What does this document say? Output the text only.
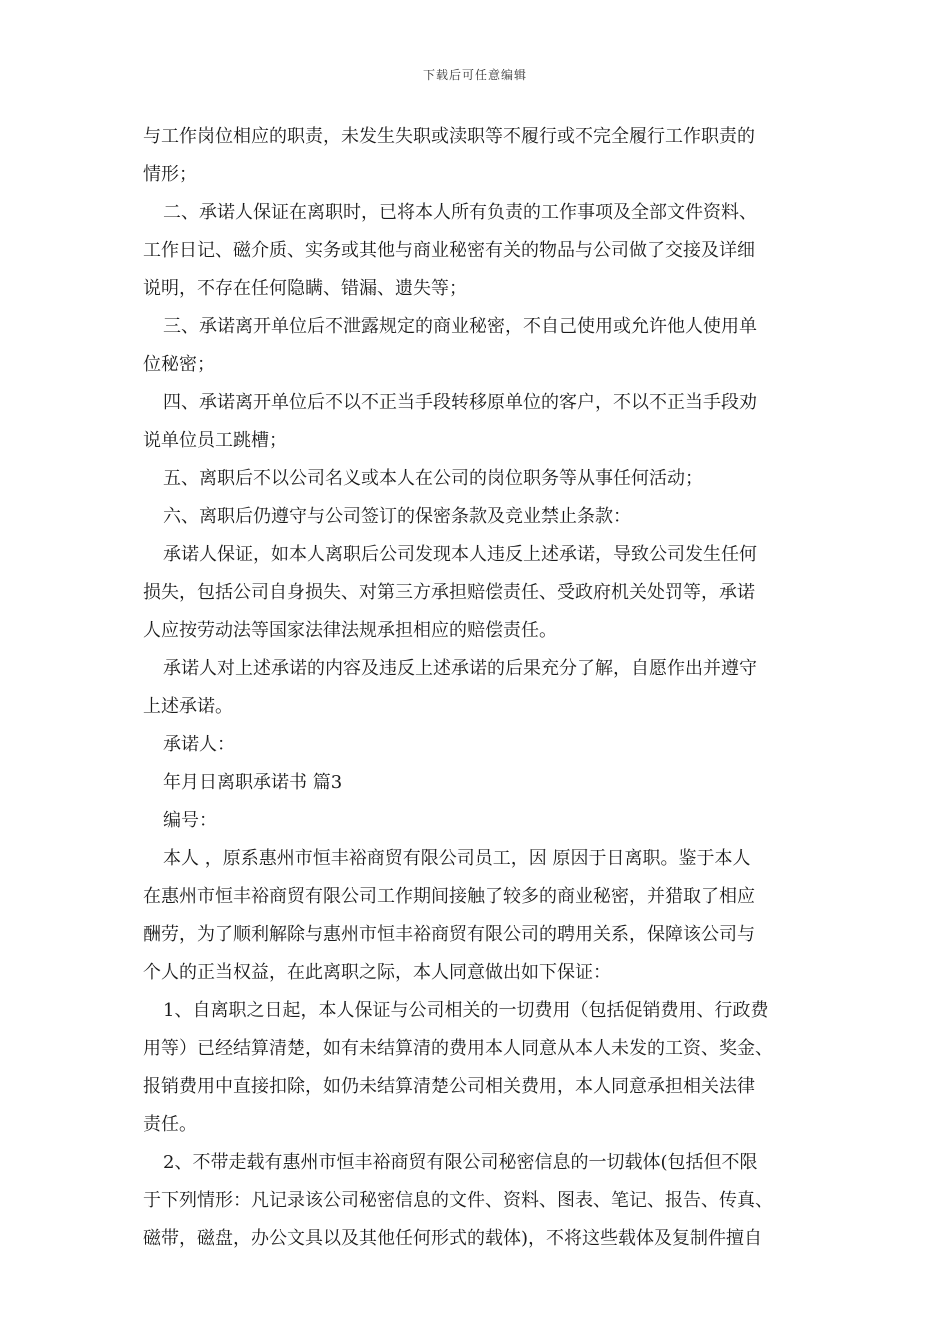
下载后可任意编辑
与工作岗位相应的职责，未发生失职或渎职等不履行或不完全履行工作职责的
情形；
二、承诺人保证在离职时，已将本人所有负责的工作事项及全部文件资料、
工作日记、磁介质、实务或其他与商业秘密有关的物品与公司做了交接及详细
说明，不存在任何隐瞒、错漏、遗失等；
三、承诺离开单位后不泄露规定的商业秘密，不自己使用或允许他人使用单
位秘密；
四、承诺离开单位后不以不正当手段转移原单位的客户，不以不正当手段劝
说单位员工跳槽；
五、离职后不以公司名义或本人在公司的岗位职务等从事任何活动；
六、离职后仍遵守与公司签订的保密条款及竞业禁止条款：
承诺人保证，如本人离职后公司发现本人违反上述承诺，导致公司发生任何
损失，包括公司自身损失、对第三方承担赔偿责任、受政府机关处罚等，承诺
人应按劳动法等国家法律法规承担相应的赔偿责任。
承诺人对上述承诺的内容及违反上述承诺的后果充分了解，自愿作出并遵守
上述承诺。
承诺人：
年月日离职承诺书 篇3
编号：
本人 ，原系惠州市恒丰裕商贸有限公司员工，因 原因于日离职。鉴于本人
在惠州市恒丰裕商贸有限公司工作期间接触了较多的商业秘密，并猎取了相应
酬劳，为了顺利解除与惠州市恒丰裕商贸有限公司的聘用关系，保障该公司与
个人的正当权益，在此离职之际，本人同意做出如下保证：
1、自离职之日起，本人保证与公司相关的一切费用（包括促销费用、行政费
用等）已经结算清楚，如有未结算清的费用本人同意从本人未发的工资、奖金、
报销费用中直接扣除，如仍未结算清楚公司相关费用，本人同意承担相关法律
责任。
2、不带走载有惠州市恒丰裕商贸有限公司秘密信息的一切载体(包括但不限
于下列情形：凡记录该公司秘密信息的文件、资料、图表、笔记、报告、传真、
磁带，磁盘，办公文具以及其他任何形式的载体)，不将这些载体及复制件擅自
